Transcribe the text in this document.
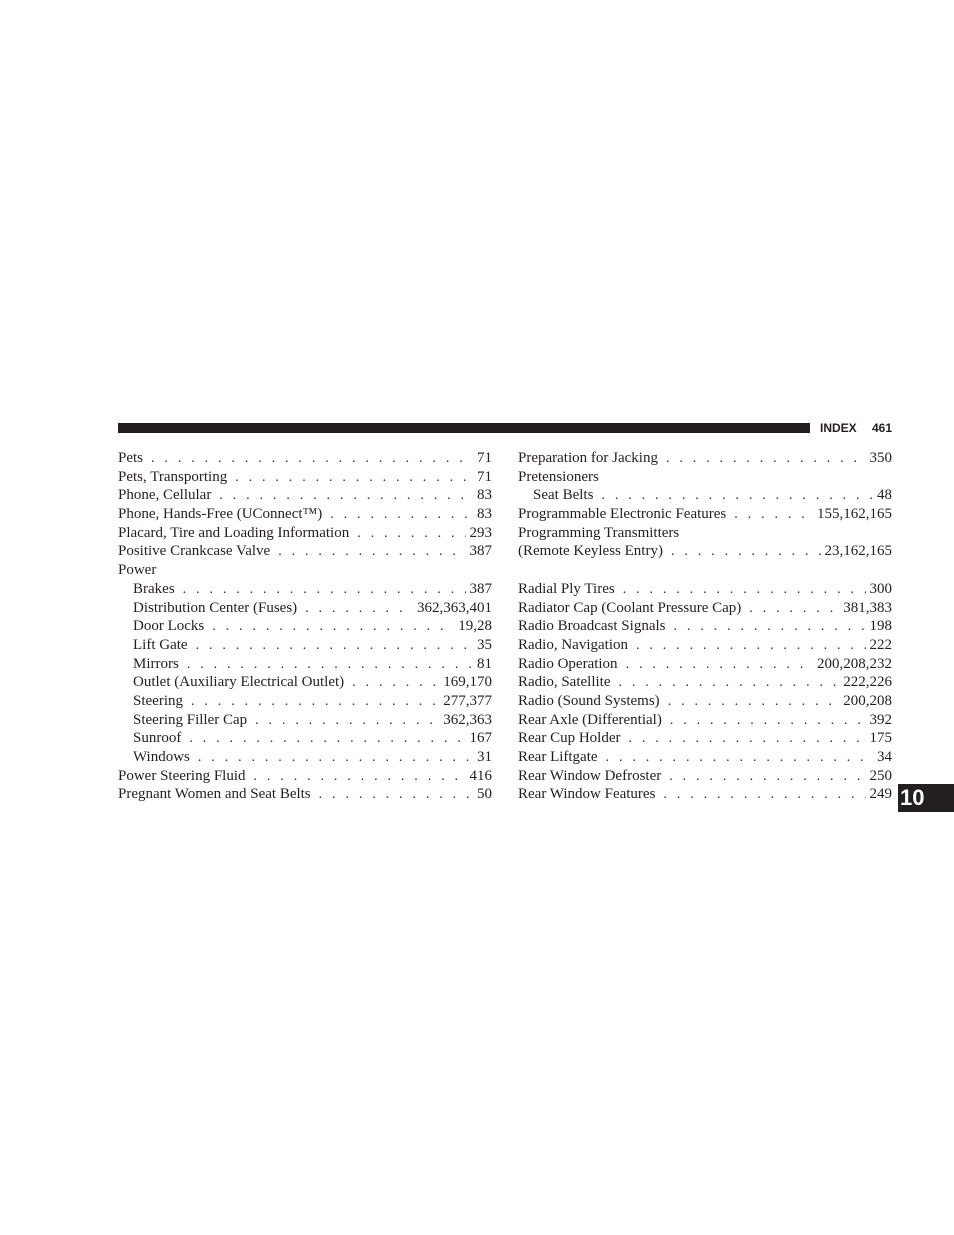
INDEX 461
Pets . . .	71
Pets, Transporting . . .	71
Phone, Cellular . . .	83
Phone, Hands-Free (UConnect™) . . .	83
Placard, Tire and Loading Information . . .	293
Positive Crankcase Valve . . .	387
Power
Brakes . . .	387
Distribution Center (Fuses) . . .	362,363,401
Door Locks . . .	19,28
Lift Gate . . .	35
Mirrors . . .	81
Outlet (Auxiliary Electrical Outlet) . . .	169,170
Steering . . .	277,377
Steering Filler Cap . . .	362,363
Sunroof . . .	167
Windows . . .	31
Power Steering Fluid . . .	416
Pregnant Women and Seat Belts . . .	50
Preparation for Jacking . . .	350
Pretensioners
Seat Belts . . .	48
Programmable Electronic Features . . .	155,162,165
Programming Transmitters
(Remote Keyless Entry) . . .	23,162,165
Radial Ply Tires . . .	300
Radiator Cap (Coolant Pressure Cap) . . .	381,383
Radio Broadcast Signals . . .	198
Radio, Navigation . . .	222
Radio Operation . . .	200,208,232
Radio, Satellite . . .	222,226
Radio (Sound Systems) . . .	200,208
Rear Axle (Differential) . . .	392
Rear Cup Holder . . .	175
Rear Liftgate . . .	34
Rear Window Defroster . . .	250
Rear Window Features . . .	249 10
